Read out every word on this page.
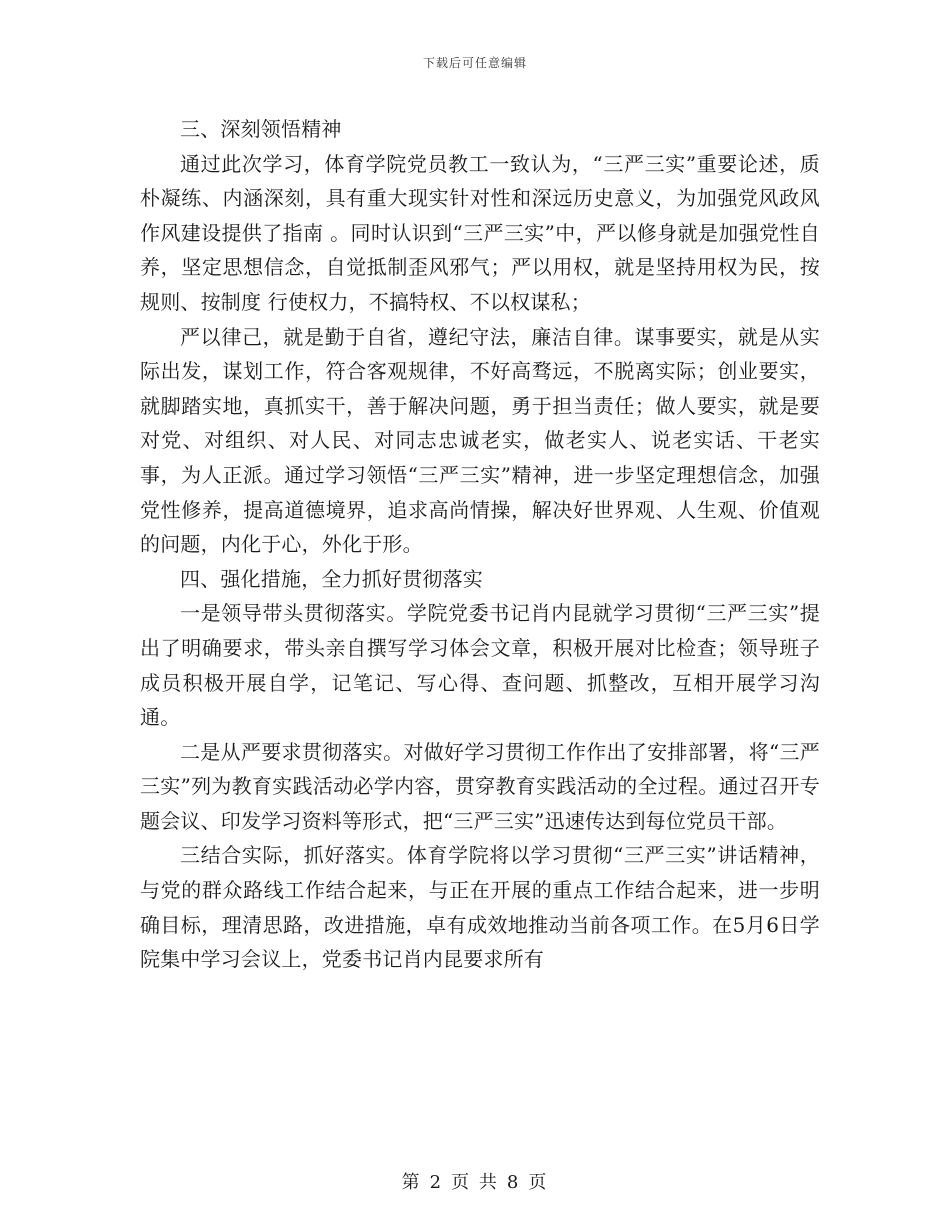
下载后可任意编辑

三、深刻领悟精神

通过此次学习，体育学院党员教工一致认为，“三严三实”重要论述，质朴凝练、内涵深刻，具有重大现实针对性和深远历史意义，为加强党风政风作风建设提供了指南 。同时认识到“三严三实”中，严以修身就是加强党性自养，坚定思想信念，自觉抵制歪风邪气；严以用权，就是坚持用权为民，按规则、按制度 行使权力，不搞特权、不以权谋私；

严以律己，就是勤于自省，遵纪守法，廉洁自律。谋事要实，就是从实际出发，谋划工作，符合客观规律，不好高骛远，不脱离实际；创业要实，就脚踏实地，真抓实干，善于解决问题，勇于担当责任；做人要实，就是要对党、对组织、对人民、对同志忠诚老实，做老实人、说老实话、干老实事，为人正派。通过学习领悟“三严三实”精神，进一步坚定理想信念，加强党性修养，提高道德境界，追求高尚情操，解决好世界观、人生观、价值观的问题，内化于心，外化于形。

四、强化措施，全力抓好贯彻落实

一是领导带头贯彻落实。学院党委书记肖内昆就学习贯彻“三严三实”提出了明确要求，带头亲自撰写学习体会文章，积极开展对比检查；领导班子成员积极开展自学，记笔记、写心得、查问题、抓整改，互相开展学习沟通。

二是从严要求贯彻落实。对做好学习贯彻工作作出了安排部署，将“三严三实”列为教育实践活动必学内容，贯穿教育实践活动的全过程。通过召开专题会议、印发学习资料等形式，把“三严三实”迅速传达到每位党员干部。

三结合实际，抓好落实。体育学院将以学习贯彻“三严三实”讲话精神，与党的群众路线工作结合起来，与正在开展的重点工作结合起来，进一步明确目标，理清思路，改进措施，卓有成效地推动当前各项工作。在5月6日学院集中学习会议上，党委书记肖内昆要求所有

第 2 页 共 8 页
